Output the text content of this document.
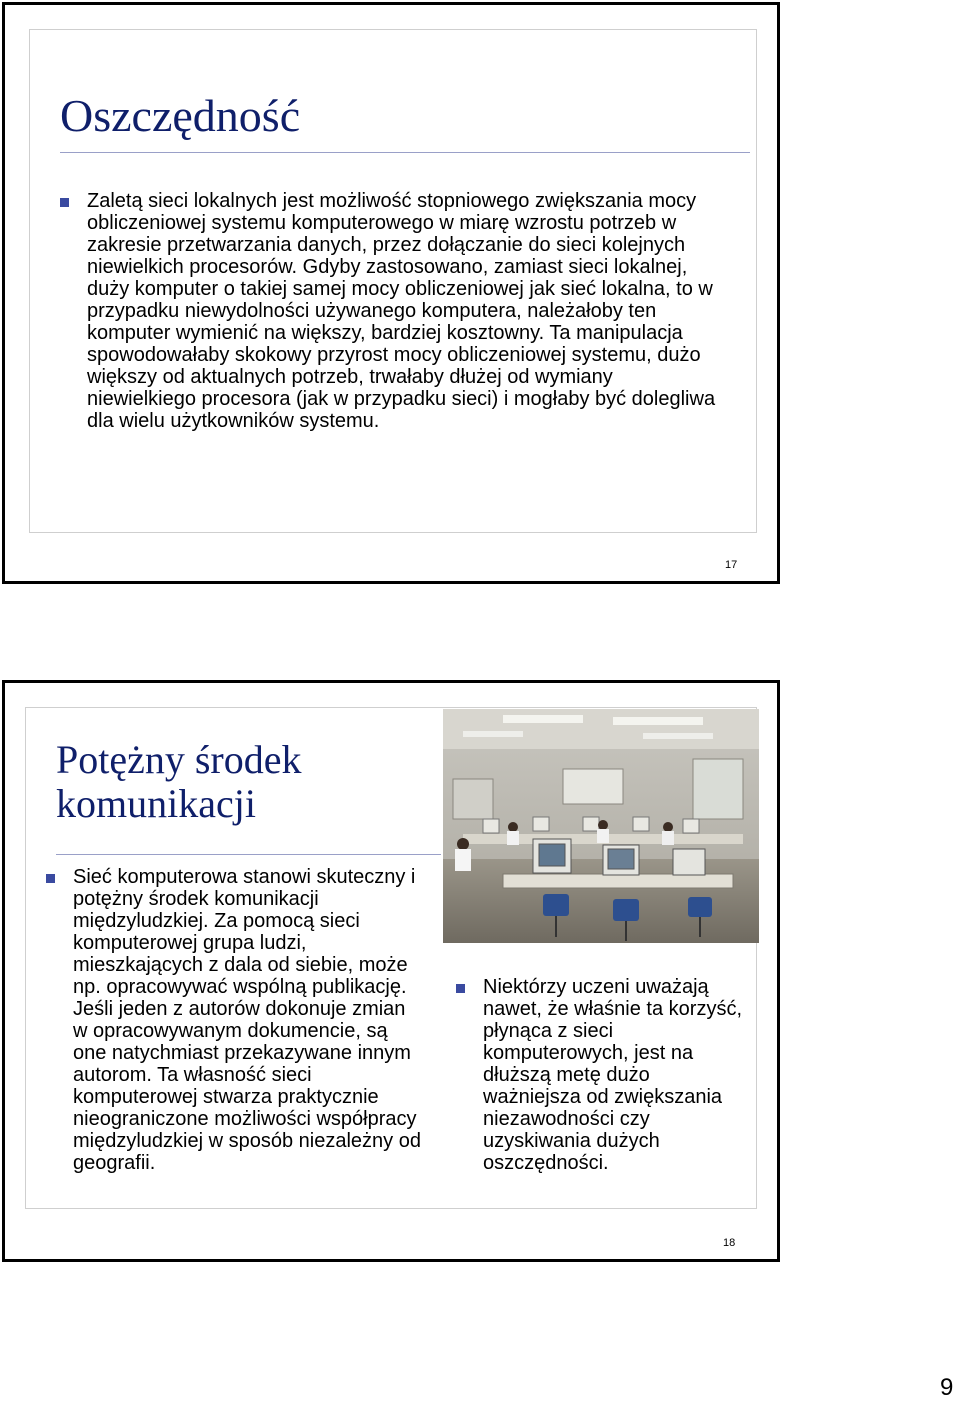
Oszczędność
Zaletą sieci lokalnych jest możliwość stopniowego zwiększania mocy obliczeniowej systemu komputerowego w miarę wzrostu potrzeb w zakresie przetwarzania danych, przez dołączanie do sieci kolejnych niewielkich procesorów. Gdyby zastosowano, zamiast sieci lokalnej, duży komputer o takiej samej mocy obliczeniowej jak sieć lokalna, to w przypadku niewydolności używanego komputera, należałoby ten komputer wymienić na większy, bardziej kosztowny. Ta manipulacja spowodowałaby skokowy przyrost mocy obliczeniowej systemu, dużo większy od aktualnych potrzeb, trwałaby dłużej od wymiany niewielkiego procesora (jak w przypadku sieci) i mogłaby być dolegliwa dla wielu użytkowników systemu.
17
Potężny środek komunikacji
Sieć komputerowa stanowi skuteczny i potężny środek komunikacji międzyludzkiej. Za pomocą sieci komputerowej grupa ludzi, mieszkających z dala od siebie, może np. opracowywać wspólną publikację. Jeśli jeden z autorów dokonuje zmian w opracowywanym dokumencie, są one natychmiast przekazywane innym autorom. Ta własność sieci komputerowej stwarza praktycznie nieograniczone możliwości współpracy międzyludzkiej w sposób niezależny od geografii.
Niektórzy uczeni uważają nawet, że właśnie ta korzyść, płynąca z sieci komputerowych, jest na dłuższą metę dużo ważniejsza od zwiększania niezawodności czy uzyskiwania dużych oszczędności.
18
9
